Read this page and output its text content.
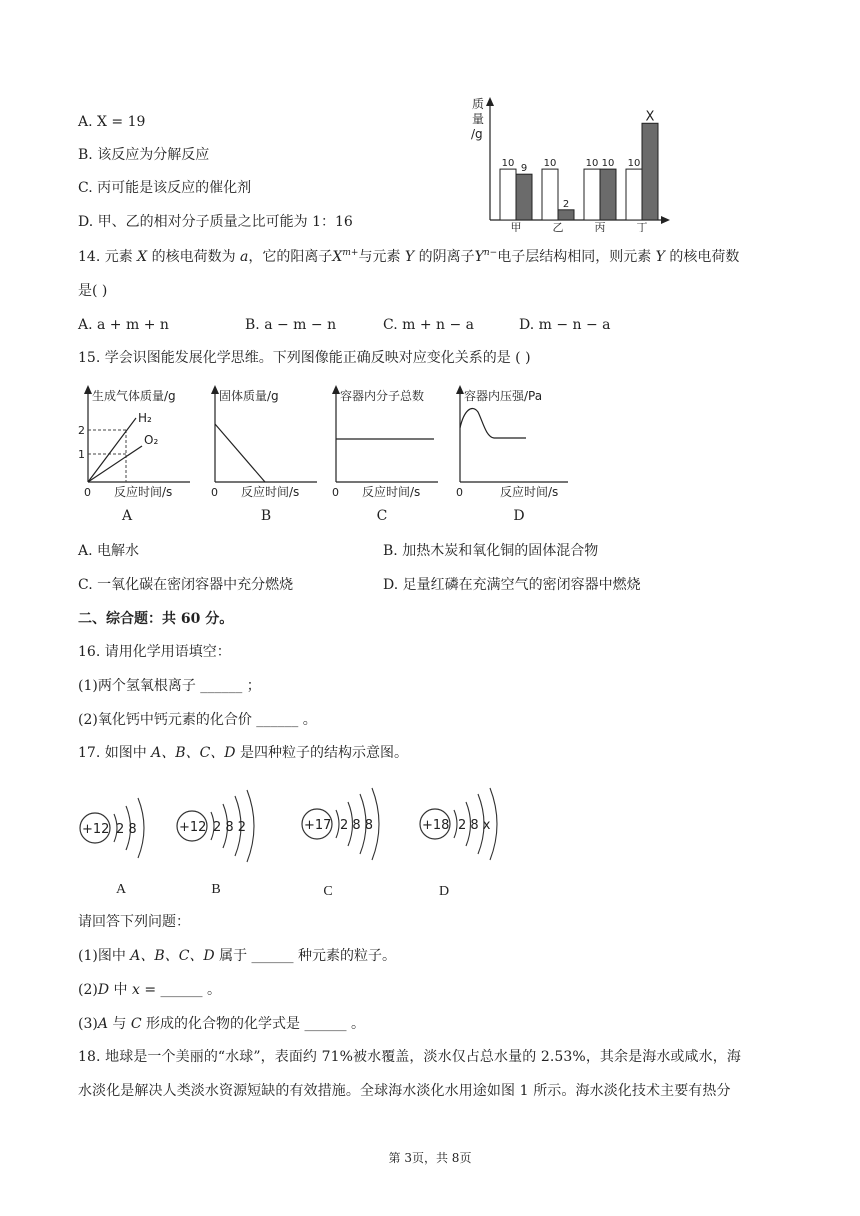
A. X = 19
B. 该反应为分解反应
C. 丙可能是该反应的催化剂
D. 甲、乙的相对分子质量之比可能为 1：16
质
量
/g
10 9
甲
10
2
乙
10 10
丙
10
X
丁
14. 元素 X 的核电荷数为 a，它的阳离子$X^{m+}$与元素 Y 的阴离子$Y^{n-}$电子层结构相同，则元素 Y 的核电荷数
是( )
A. a + m + n	B. a − m − n	C. m + n − a	D. m − n − a
15. 学会识图能发展化学思维。下列图像能正确反映对应变化关系的是 ( )
生成气体质量/g
2
1
H₂
O₂
0 反应时间/s
A
固体质量/g
0 反应时间/s
B
容器内分子总数
0 反应时间/s
C
容器内压强/Pa
0	反应时间/s
D
A. 电解水	B. 加热木炭和氧化铜的固体混合物
C. 一氧化碳在密闭容器中充分燃烧	D. 足量红磷在充满空气的密闭容器中燃烧
二、综合题：共 60 分。
16. 请用化学用语填空：
(1)两个氢氧根离子 ______ ；
(2)氧化钙中钙元素的化合价 ______ 。
17. 如图中 A、B、C、D 是四种粒子的结构示意图。
+12 2 8
A
+12 2 8 2
B
+17 2 8 8
C
+18 2 8 x
D
请回答下列问题：
(1)图中 A、B、C、D 属于 ______ 种元素的粒子。
(2)D 中 x = ______ 。
(3)A 与 C 形成的化合物的化学式是 ______ 。
18. 地球是一个美丽的“水球”，表面约 71%被水覆盖，淡水仅占总水量的 2.53%，其余是海水或咸水，海
水淡化是解决人类淡水资源短缺的有效措施。全球海水淡化水用途如图 1 所示。海水淡化技术主要有热分
第 3页，共 8页
